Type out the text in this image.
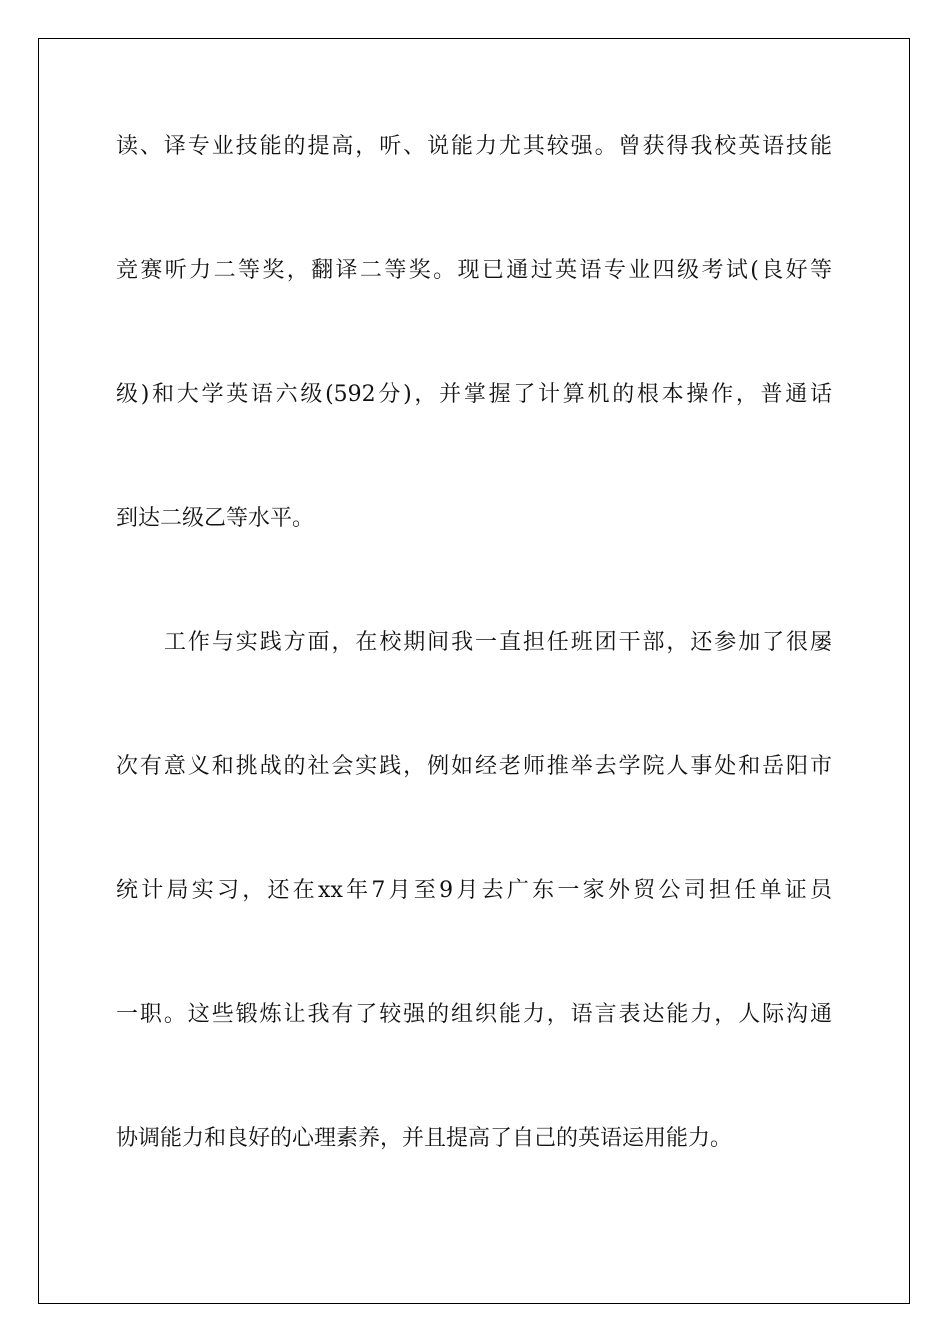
读、译专业技能的提高，听、说能力尤其较强。曾获得我校英语技能
竞赛听力二等奖，翻译二等奖。现已通过英语专业四级考试(良好等
级)和大学英语六级(592分)，并掌握了计算机的根本操作，普通话
到达二级乙等水平。
工作与实践方面，在校期间我一直担任班团干部，还参加了很屡
次有意义和挑战的社会实践，例如经老师推举去学院人事处和岳阳市
统计局实习，还在xx年7月至9月去广东一家外贸公司担任单证员
一职。这些锻炼让我有了较强的组织能力，语言表达能力，人际沟通
协调能力和良好的心理素养，并且提高了自己的英语运用能力。
